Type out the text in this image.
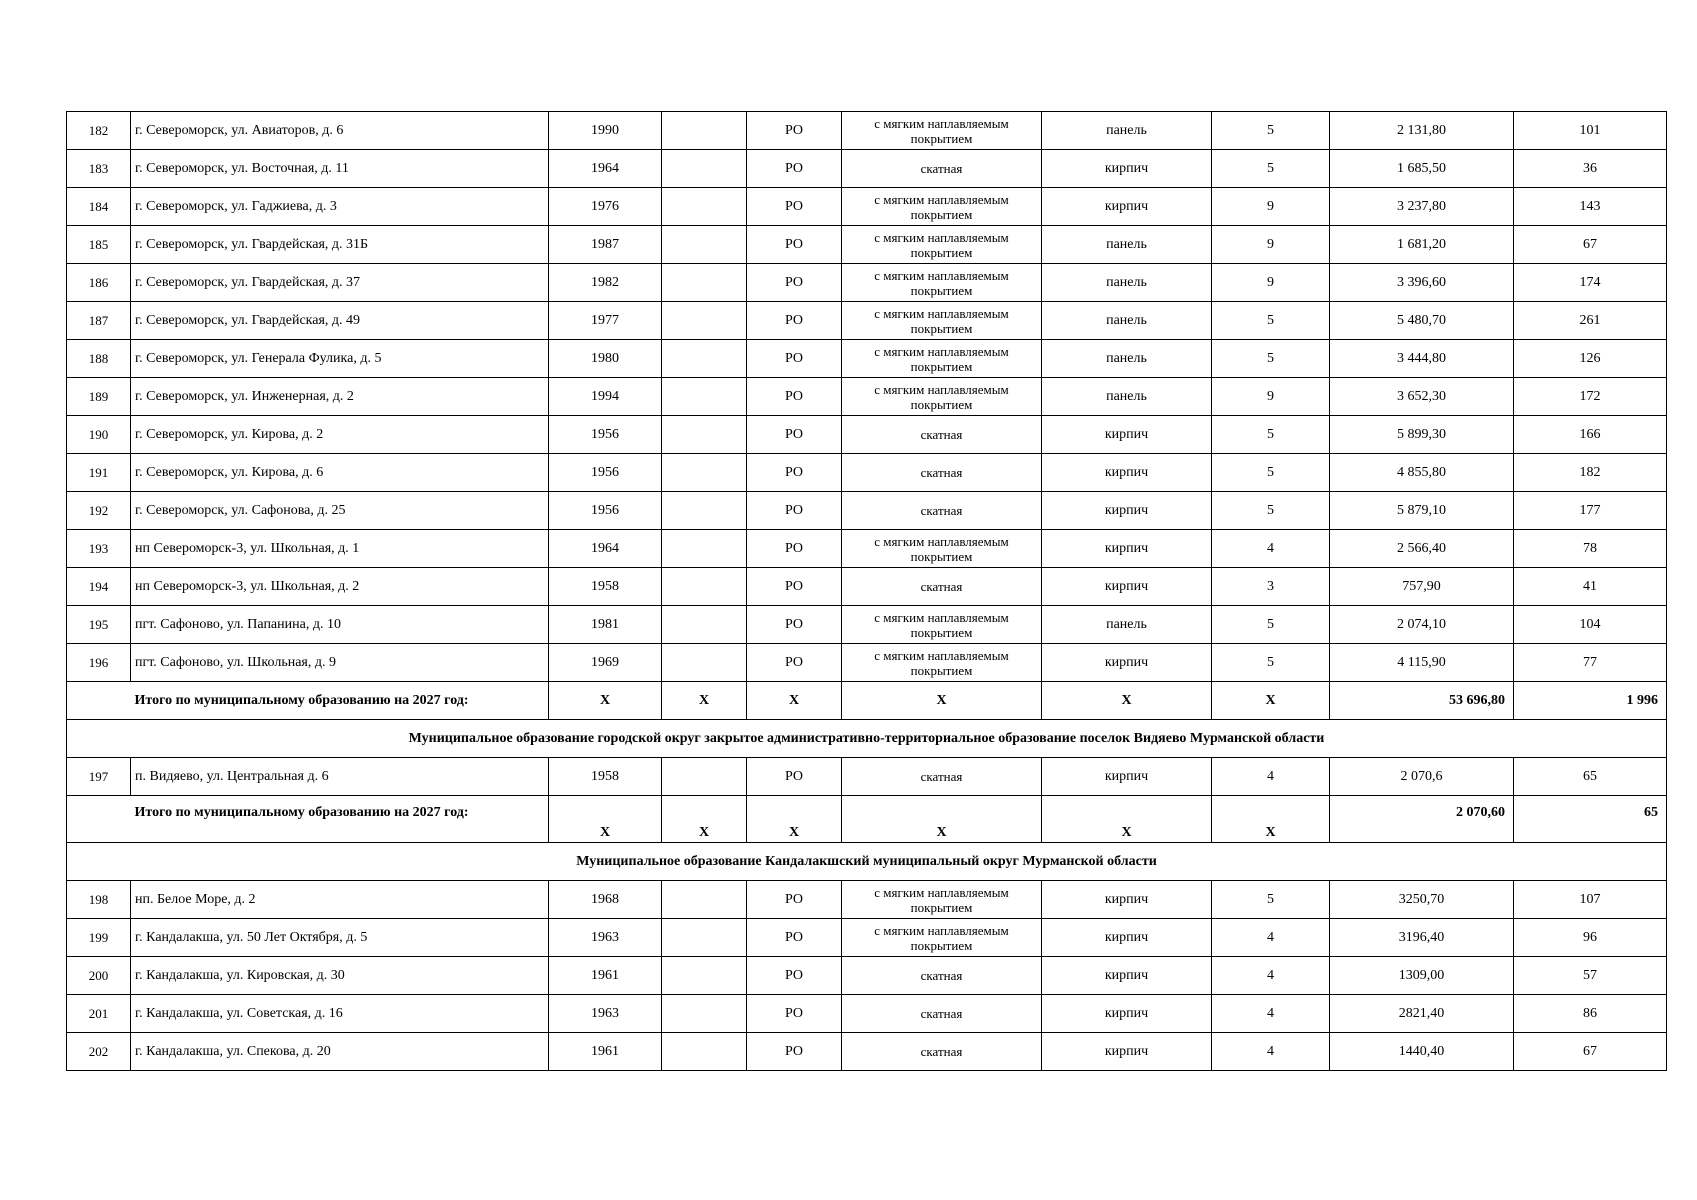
182	г. Североморск, ул. Авиаторов, д. 6	1990		РО	с мягким наплавляемым покрытием	панель	5	2 131,80	101
183	г. Североморск, ул. Восточная, д. 11	1964		РО	скатная	кирпич	5	1 685,50	36
184	г. Североморск, ул. Гаджиева, д. 3	1976		РО	с мягким наплавляемым покрытием	кирпич	9	3 237,80	143
185	г. Североморск, ул. Гвардейская, д. 31Б	1987		РО	с мягким наплавляемым покрытием	панель	9	1 681,20	67
186	г. Североморск, ул. Гвардейская, д. 37	1982		РО	с мягким наплавляемым покрытием	панель	9	3 396,60	174
187	г. Североморск, ул. Гвардейская, д. 49	1977		РО	с мягким наплавляемым покрытием	панель	5	5 480,70	261
188	г. Североморск, ул. Генерала Фулика, д. 5	1980		РО	с мягким наплавляемым покрытием	панель	5	3 444,80	126
189	г. Североморск, ул. Инженерная, д. 2	1994		РО	с мягким наплавляемым покрытием	панель	9	3 652,30	172
190	г. Североморск, ул. Кирова, д. 2	1956		РО	скатная	кирпич	5	5 899,30	166
191	г. Североморск, ул. Кирова, д. 6	1956		РО	скатная	кирпич	5	4 855,80	182
192	г. Североморск, ул. Сафонова, д. 25	1956		РО	скатная	кирпич	5	5 879,10	177
193	нп Североморск-3, ул. Школьная, д. 1	1964		РО	с мягким наплавляемым покрытием	кирпич	4	2 566,40	78
194	нп Североморск-3, ул. Школьная, д. 2	1958		РО	скатная	кирпич	3	757,90	41
195	пгт. Сафоново, ул. Папанина, д. 10	1981		РО	с мягким наплавляемым покрытием	панель	5	2 074,10	104
196	пгт. Сафоново, ул. Школьная, д. 9	1969		РО	с мягким наплавляемым покрытием	кирпич	5	4 115,90	77
	Итого по муниципальному образованию на 2027 год:	X	X	X	X	X	X	53 696,80	1 996
Муниципальное образование городской округ закрытое административно-территориальное образование поселок Видяево Мурманской области									
197	п. Видяево, ул. Центральная д. 6	1958		РО	скатная	кирпич	4	2 070,6	65
	Итого по муниципальному образованию на 2027 год:	X	X	X	X	X	X	2 070,60	65
Муниципальное образование Кандалакшский муниципальный округ Мурманской области									
198	нп. Белое Море, д. 2	1968		РО	с мягким наплавляемым покрытием	кирпич	5	3250,70	107
199	г. Кандалакша, ул. 50 Лет Октября, д. 5	1963		РО	с мягким наплавляемым покрытием	кирпич	4	3196,40	96
200	г. Кандалакша, ул. Кировская, д. 30	1961		РО	скатная	кирпич	4	1309,00	57
201	г. Кандалакша, ул. Советская, д. 16	1963		РО	скатная	кирпич	4	2821,40	86
202	г. Кандалакша, ул. Спекова, д. 20	1961		РО	скатная	кирпич	4	1440,40	67
